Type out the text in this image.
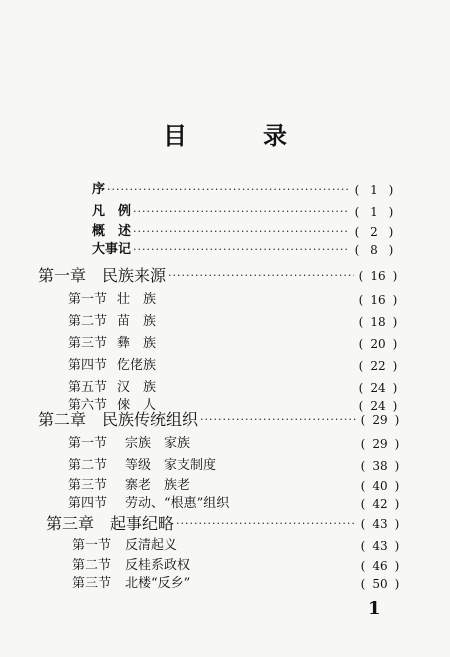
目　录
序 ·····	( 1 )
凡　例 ·····	( 1 )
概　述 ·····	( 2 )
大事记 ·····	( 8 )
第一章　民族来源 ·····	( 16 )
第一节 壮　族	( 16 )
第二节 苗　族	( 18 )
第三节 彝　族	( 20 )
第四节 仡佬族	( 22 )
第五节 汉　族	( 24 )
第六节 倈　人	( 24 )
第二章　民族传统组织 ·····	( 29 )
第一节 宗族　家族	( 29 )
第二节 等级　家支制度	( 38 )
第三节 寨老　族老	( 40 )
第四节 劳动、“根惠”组织	( 42 )
第三章　起事纪略 ·····	( 43 )
第一节 反清起义	( 43 )
第二节 反桂系政权	( 46 )
第三节 北楼“反乡”	( 50 )
1
